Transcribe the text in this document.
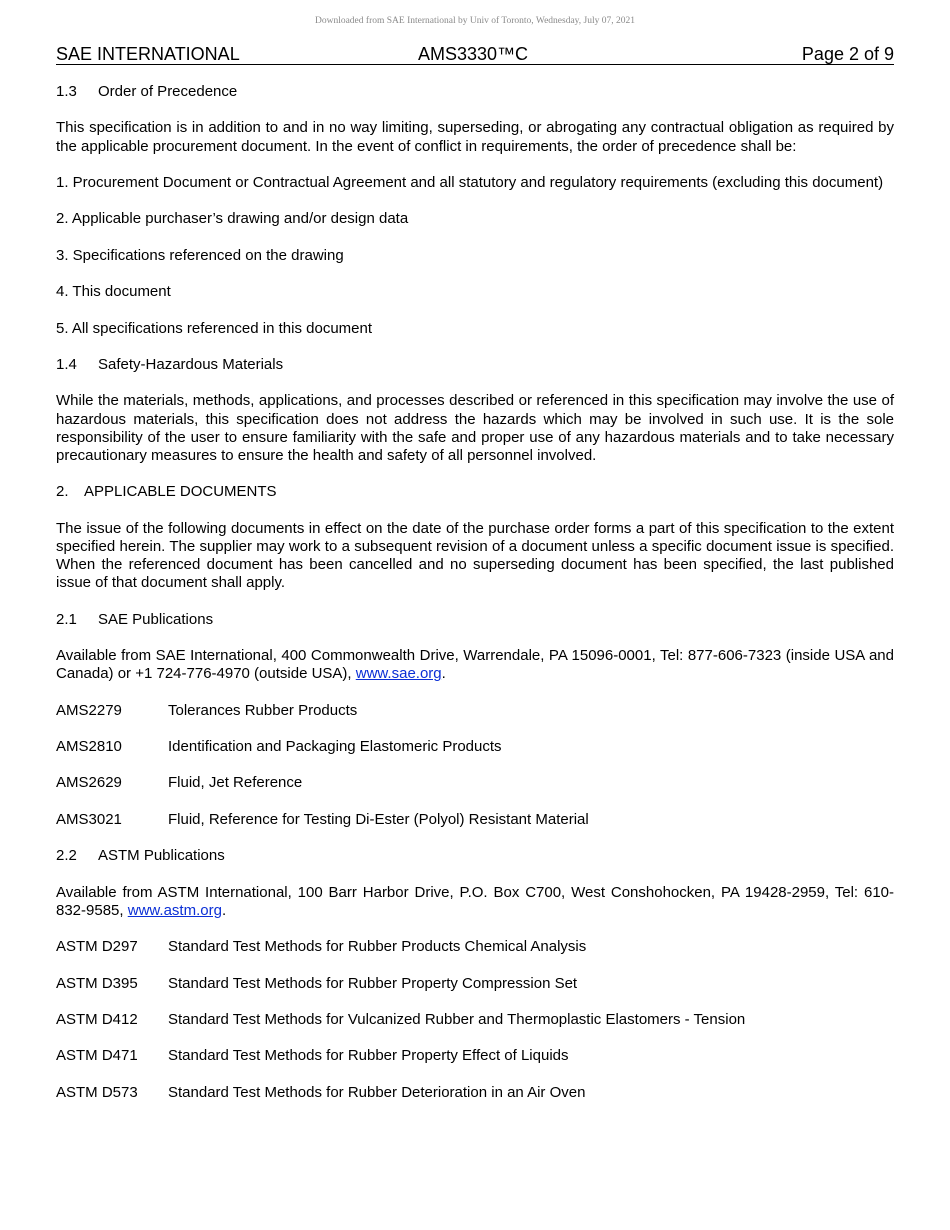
Downloaded from SAE International by Univ of Toronto, Wednesday, July 07, 2021
SAE INTERNATIONAL	AMS3330™C	Page 2 of 9
1.3 Order of Precedence
This specification is in addition to and in no way limiting, superseding, or abrogating any contractual obligation as required by the applicable procurement document. In the event of conflict in requirements, the order of precedence shall be:
1. Procurement Document or Contractual Agreement and all statutory and regulatory requirements (excluding this document)
2. Applicable purchaser’s drawing and/or design data
3. Specifications referenced on the drawing
4. This document
5. All specifications referenced in this document
1.4 Safety-Hazardous Materials
While the materials, methods, applications, and processes described or referenced in this specification may involve the use of hazardous materials, this specification does not address the hazards which may be involved in such use. It is the sole responsibility of the user to ensure familiarity with the safe and proper use of any hazardous materials and to take necessary precautionary measures to ensure the health and safety of all personnel involved.
2. APPLICABLE DOCUMENTS
The issue of the following documents in effect on the date of the purchase order forms a part of this specification to the extent specified herein. The supplier may work to a subsequent revision of a document unless a specific document issue is specified. When the referenced document has been cancelled and no superseding document has been specified, the last published issue of that document shall apply.
2.1 SAE Publications
Available from SAE International, 400 Commonwealth Drive, Warrendale, PA 15096-0001, Tel: 877-606-7323 (inside USA and Canada) or +1 724-776-4970 (outside USA), www.sae.org.
AMS2279	Tolerances Rubber Products
AMS2810	Identification and Packaging Elastomeric Products
AMS2629	Fluid, Jet Reference
AMS3021	Fluid, Reference for Testing Di-Ester (Polyol) Resistant Material
2.2 ASTM Publications
Available from ASTM International, 100 Barr Harbor Drive, P.O. Box C700, West Conshohocken, PA 19428-2959, Tel: 610-832-9585, www.astm.org.
ASTM D297	Standard Test Methods for Rubber Products Chemical Analysis
ASTM D395	Standard Test Methods for Rubber Property Compression Set
ASTM D412	Standard Test Methods for Vulcanized Rubber and Thermoplastic Elastomers - Tension
ASTM D471	Standard Test Methods for Rubber Property Effect of Liquids
ASTM D573	Standard Test Methods for Rubber Deterioration in an Air Oven
